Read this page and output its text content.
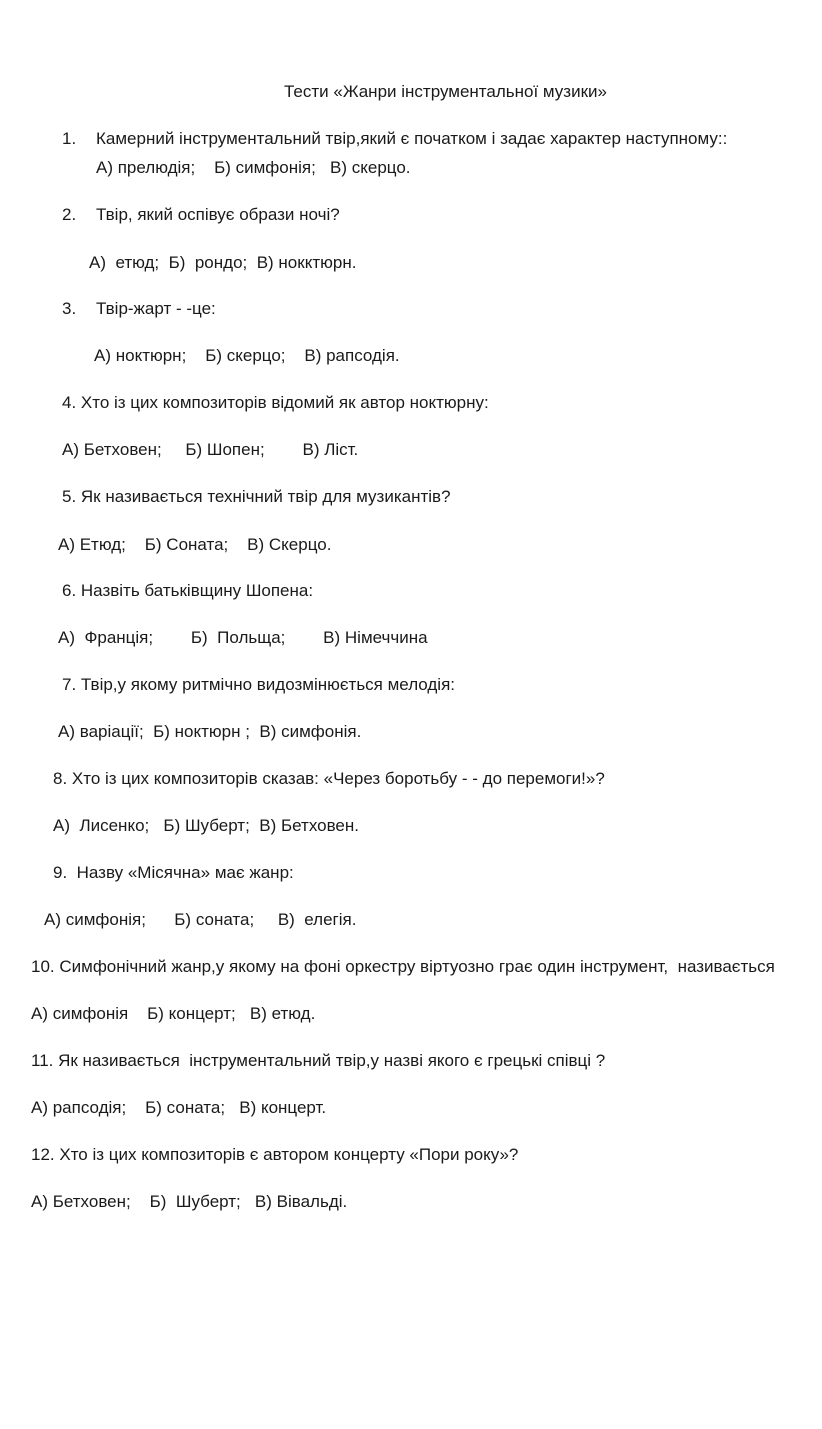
Тести «Жанри інструментальної музики»
1. Камерний інструментальний твір,який є початком і задає характер наступному::
А) прелюдія;    Б) симфонія;   В) скерцо.
2. Твір, який оспівує образи ночі?
А)  етюд;  Б)  рондо;  В) нокктюрн.
3. Твір-жарт - -це:
А) ноктюрн;    Б) скерцо;    В) рапсодія.
4. Хто із цих композиторів відомий як автор ноктюрну:
А) Бетховен;     Б) Шопен;        В) Ліст.
5. Як називається технічний твір для музикантів?
А) Етюд;    Б) Соната;    В) Скерцо.
6. Назвіть батьківщину Шопена:
А)  Франція;        Б)  Польща;        В) Німеччина
7. Твір,у якому ритмічно видозмінюється мелодія:
А) варіації;  Б) ноктюрн ;  В) симфонія.
8. Хто із цих композиторів сказав: «Через боротьбу - - до перемоги!»?
А)  Лисенко;   Б) Шуберт;  В) Бетховен.
9.  Назву «Місячна» має жанр:
А) симфонія;      Б) соната;     В)  елегія.
10. Симфонічний жанр,у якому на фоні оркестру віртуозно грає один інструмент,  називається
А) симфонія    Б) концерт;   В) етюд.
11. Як називається  інструментальний твір,у назві якого є грецькі співці ?
А) рапсодія;    Б) соната;   В) концерт.
12. Хто із цих композиторів є автором концерту «Пори року»?
А) Бетховен;    Б)  Шуберт;   В) Вівальді.
